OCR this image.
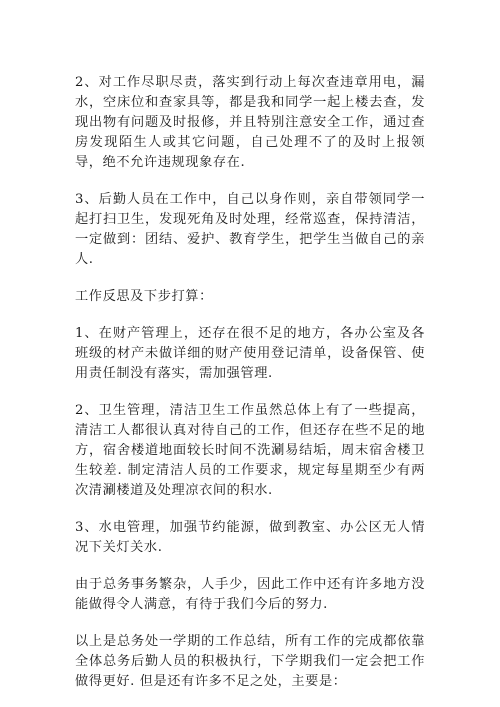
2、对工作尽职尽责，落实到行动上每次查违章用电，漏水，空床位和查家具等，都是我和同学一起上楼去查，发现出物有问题及时报修，并且特别注意安全工作，通过查房发现陌生人或其它问题，自己处理不了的及时上报领导，绝不允许违规现象存在.

3、后勤人员在工作中，自己以身作则，亲自带领同学一起打扫卫生，发现死角及时处理，经常巡查，保持清洁，一定做到：团结、爱护、教育学生，把学生当做自己的亲人.

工作反思及下步打算：

1、在财产管理上，还存在很不足的地方，各办公室及各班级的材产未做详细的财产使用登记清单，设备保管、使用责任制没有落实，需加强管理.

2、卫生管理，清洁卫生工作虽然总体上有了一些提高，清洁工人都很认真对待自己的工作，但还存在些不足的地方，宿舍楼道地面较长时间不洗涮易结垢，周末宿舍楼卫生较差. 制定清洁人员的工作要求，规定每星期至少有两次清涮楼道及处理凉衣间的积水.

3、水电管理，加强节约能源，做到教室、办公区无人情况下关灯关水.

由于总务事务繁杂，人手少，因此工作中还有许多地方没能做得令人满意，有待于我们今后的努力.

以上是总务处一学期的工作总结，所有工作的完成都依靠全体总务后勤人员的积极执行，下学期我们一定会把工作做得更好. 但是还有许多不足之处，主要是：
